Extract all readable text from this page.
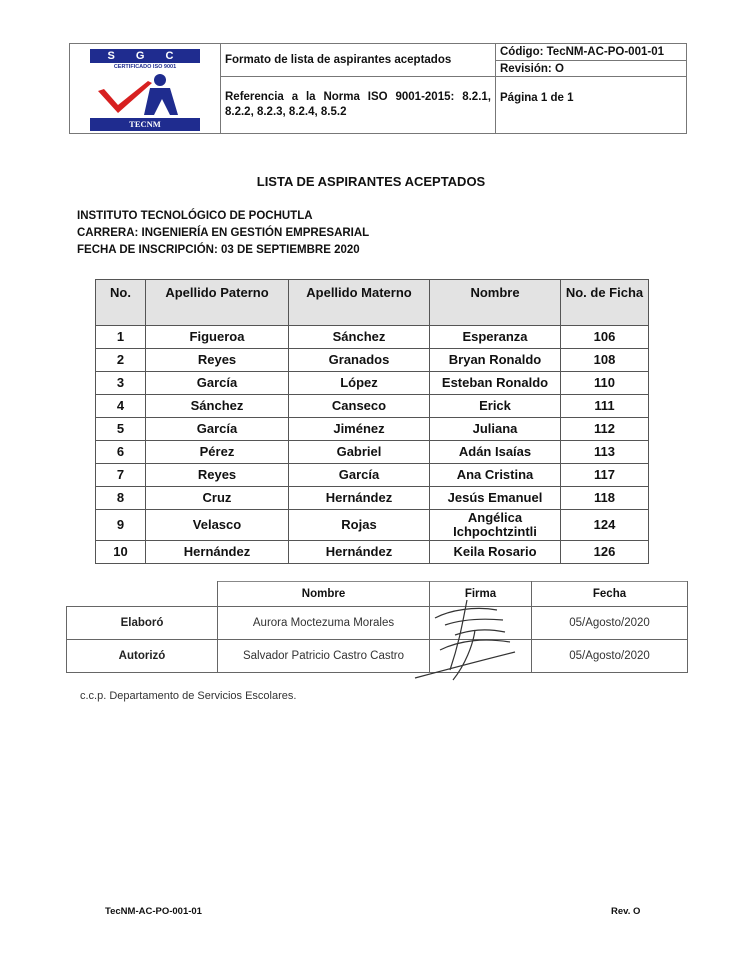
S G C
CERTIFICADO ISO 9001
TECNM	Formato de lista de aspirantes aceptados	Código: TecNM-AC-PO-001-01
		Revisión: O
	Referencia a la Norma ISO 9001-2015: 8.2.1, 8.2.2, 8.2.3, 8.2.4, 8.5.2	Página 1 de 1
LISTA DE ASPIRANTES ACEPTADOS
INSTITUTO TECNOLÓGICO DE POCHUTLA
CARRERA: INGENIERÍA EN GESTIÓN EMPRESARIAL
FECHA DE INSCRIPCIÓN: 03 DE SEPTIEMBRE 2020
No.	Apellido Paterno	Apellido Materno	Nombre	No. de Ficha
1	Figueroa	Sánchez	Esperanza	106
2	Reyes	Granados	Bryan Ronaldo	108
3	García	López	Esteban Ronaldo	110
4	Sánchez	Canseco	Erick	111
5	García	Jiménez	Juliana	112
6	Pérez	Gabriel	Adán Isaías	113
7	Reyes	García	Ana Cristina	117
8	Cruz	Hernández	Jesús Emanuel	118
9	Velasco	Rojas	Angélica Ichpochtzintli	124
10	Hernández	Hernández	Keila Rosario	126
	Nombre	Firma	Fecha
Elaboró	Aurora Moctezuma Morales		05/Agosto/2020
Autorizó	Salvador Patricio Castro Castro		05/Agosto/2020
c.c.p. Departamento de Servicios Escolares.
TecNM-AC-PO-001-01	Rev. O
